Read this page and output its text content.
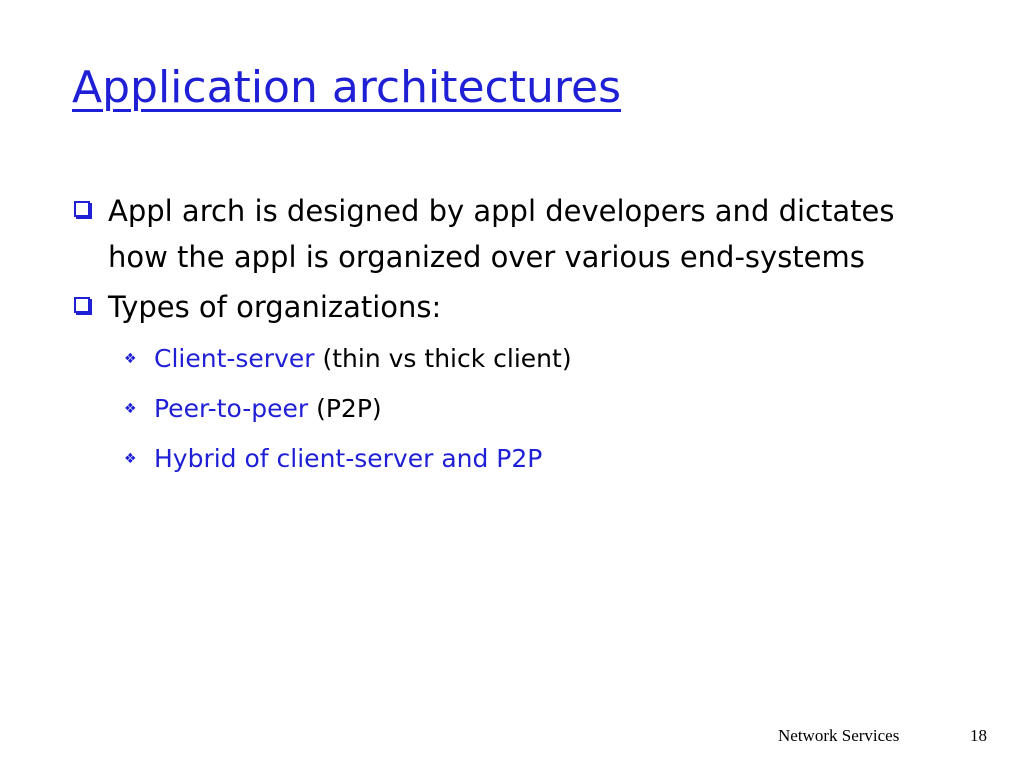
Application architectures
Appl arch is designed by appl developers and dictates how the appl is organized over various end-systems
Types of organizations:
❖ Client-server (thin vs thick client)
❖ Peer-to-peer (P2P)
❖ Hybrid of client-server and P2P
Network Services	18
